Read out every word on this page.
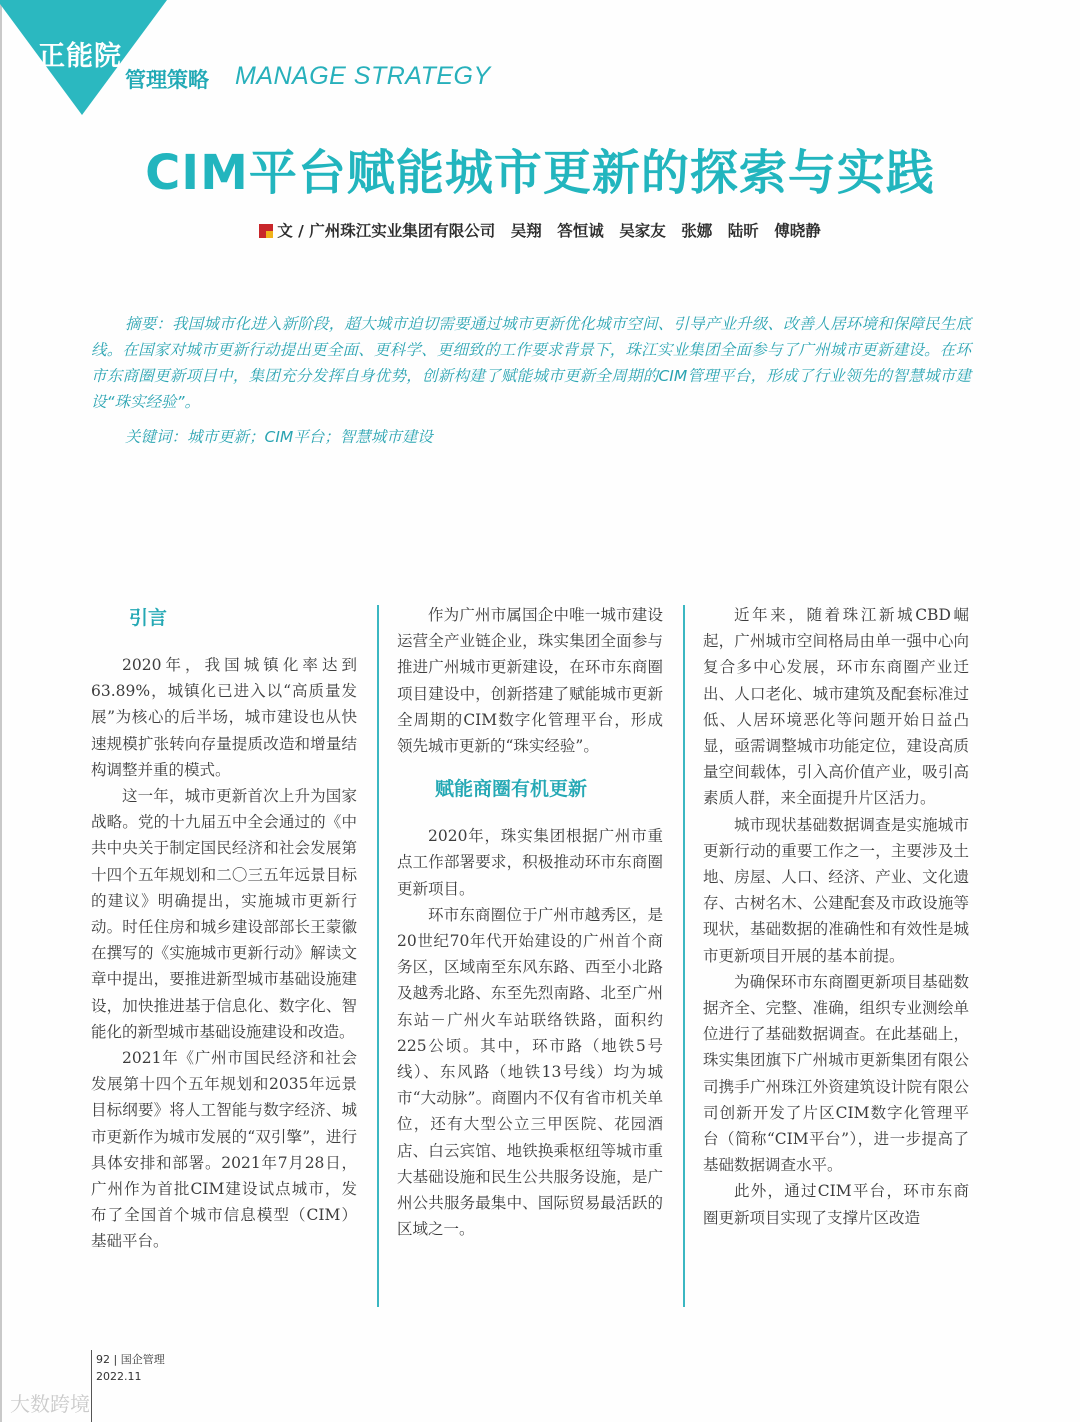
正能院
管理策略 MANAGE STRATEGY
CIM平台赋能城市更新的探索与实践
文 / 广州珠江实业集团有限公司　吴翔　答恒诚　吴家友　张娜　陆昕　傅晓静
摘要：我国城市化进入新阶段，超大城市迫切需要通过城市更新优化城市空间、引导产业升级、改善人居环境和保障民生底线。在国家对城市更新行动提出更全面、更科学、更细致的工作要求背景下，珠江实业集团全面参与了广州城市更新建设。在环市东商圈更新项目中，集团充分发挥自身优势，创新构建了赋能城市更新全周期的CIM管理平台，形成了行业领先的智慧城市建设“珠实经验”。
关键词：城市更新；CIM平台；智慧城市建设

引言

2020年，我国城镇化率达到63.89%，城镇化已进入以“高质量发展”为核心的后半场，城市建设也从快速规模扩张转向存量提质改造和增量结构调整并重的模式。

这一年，城市更新首次上升为国家战略。党的十九届五中全会通过的《中共中央关于制定国民经济和社会发展第十四个五年规划和二〇三五年远景目标的建议》明确提出，实施城市更新行动。时任住房和城乡建设部部长王蒙徽在撰写的《实施城市更新行动》解读文章中提出，要推进新型城市基础设施建设，加快推进基于信息化、数字化、智能化的新型城市基础设施建设和改造。

2021年《广州市国民经济和社会发展第十四个五年规划和2035年远景目标纲要》将人工智能与数字经济、城市更新作为城市发展的“双引擎”，进行具体安排和部署。2021年7月28日，广州作为首批CIM建设试点城市，发布了全国首个城市信息模型（CIM）基础平台。

作为广州市属国企中唯一城市建设运营全产业链企业，珠实集团全面参与推进广州城市更新建设，在环市东商圈项目建设中，创新搭建了赋能城市更新全周期的CIM数字化管理平台，形成领先城市更新的“珠实经验”。

赋能商圈有机更新

2020年，珠实集团根据广州市重点工作部署要求，积极推动环市东商圈更新项目。

环市东商圈位于广州市越秀区，是20世纪70年代开始建设的广州首个商务区，区域南至东风东路、西至小北路及越秀北路、东至先烈南路、北至广州东站－广州火车站联络铁路，面积约225公顷。其中，环市路（地铁5号线）、东风路（地铁13号线）均为城市“大动脉”。商圈内不仅有省市机关单位，还有大型公立三甲医院、花园酒店、白云宾馆、地铁换乘枢纽等城市重大基础设施和民生公共服务设施，是广州公共服务最集中、国际贸易最活跃的区域之一。

近年来，随着珠江新城CBD崛起，广州城市空间格局由单一强中心向复合多中心发展，环市东商圈产业迁出、人口老化、城市建筑及配套标准过低、人居环境恶化等问题开始日益凸显，亟需调整城市功能定位，建设高质量空间载体，引入高价值产业，吸引高素质人群，来全面提升片区活力。

城市现状基础数据调查是实施城市更新行动的重要工作之一，主要涉及土地、房屋、人口、经济、产业、文化遗存、古树名木、公建配套及市政设施等现状，基础数据的准确性和有效性是城市更新项目开展的基本前提。

为确保环市东商圈更新项目基础数据齐全、完整、准确，组织专业测绘单位进行了基础数据调查。在此基础上，珠实集团旗下广州城市更新集团有限公司携手广州珠江外资建筑设计院有限公司创新开发了片区CIM数字化管理平台（简称“CIM平台”），进一步提高了基础数据调查水平。

此外，通过CIM平台，环市东商圈更新项目实现了支撑片区改造

92 | 国企管理
2022.11
大数跨境
